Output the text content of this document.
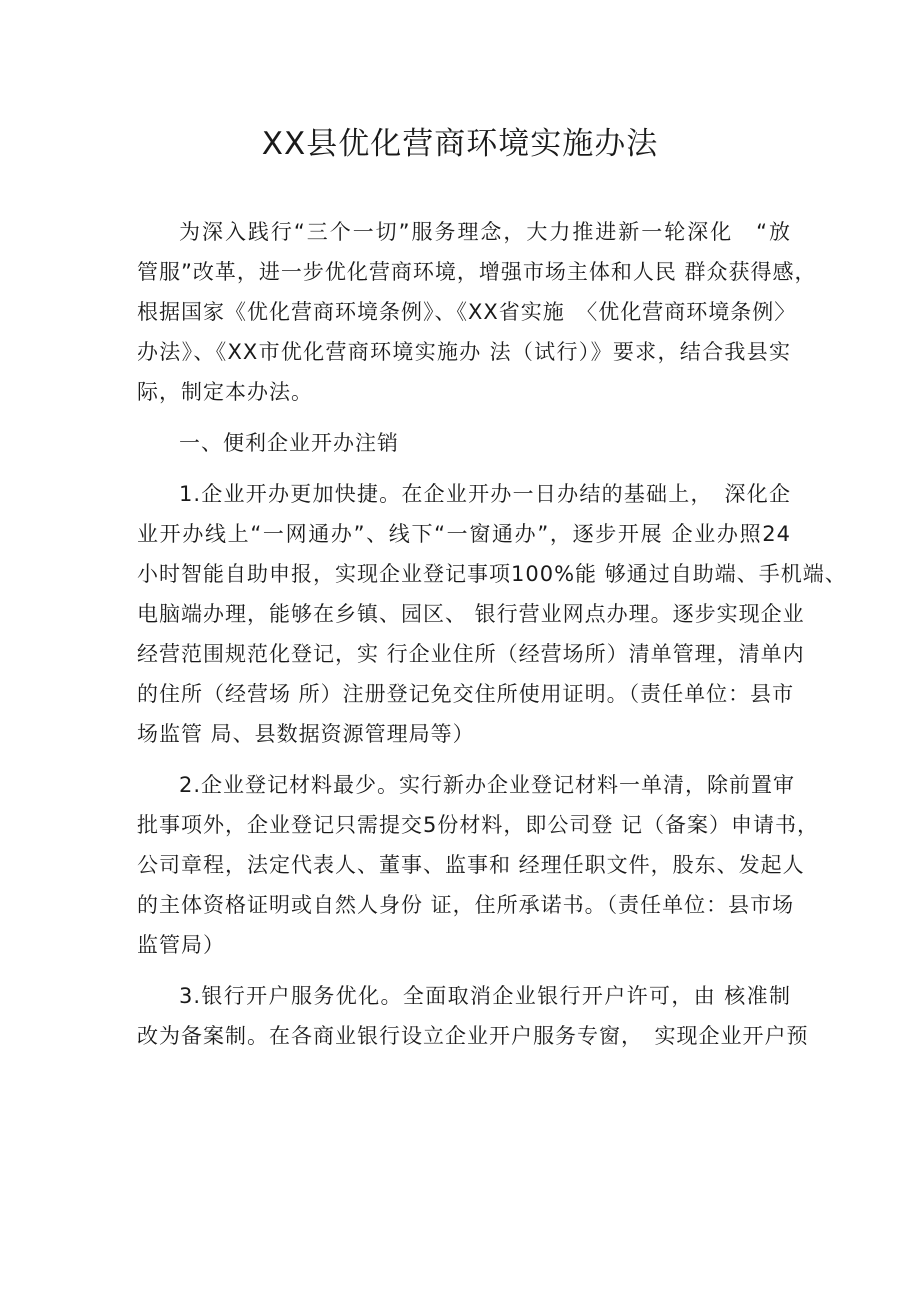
XX县优化营商环境实施办法
为深入践行“三个一切”服务理念，大力推进新一轮深化　“放
管服”改革，进一步优化营商环境，增强市场主体和人民 群众获得感，
根据国家《优化营商环境条例》、《XX省实施　〈优化营商环境条例〉
办法》、《XX市优化营商环境实施办 法（试行）》要求，结合我县实
际，制定本办法。
一、便利企业开办注销
1.企业开办更加快捷。在企业开办一日办结的基础上，　深化企
业开办线上“一网通办”、线下“一窗通办”，逐步开展 企业办照24
小时智能自助申报，实现企业登记事项100%能 够通过自助端、手机端、
电脑端办理，能够在乡镇、园区、 银行营业网点办理。逐步实现企业
经营范围规范化登记，实 行企业住所（经营场所）清单管理，清单内
的住所（经营场 所）注册登记免交住所使用证明。（责任单位：县市
场监管 局、县数据资源管理局等）
2.企业登记材料最少。实行新办企业登记材料一单清，除前置审
批事项外，企业登记只需提交5份材料，即公司登 记（备案）申请书，
公司章程，法定代表人、董事、监事和 经理任职文件，股东、发起人
的主体资格证明或自然人身份 证，住所承诺书。（责任单位：县市场
监管局）
3.银行开户服务优化。全面取消企业银行开户许可，由 核准制
改为备案制。在各商业银行设立企业开户服务专窗，　实现企业开户预
